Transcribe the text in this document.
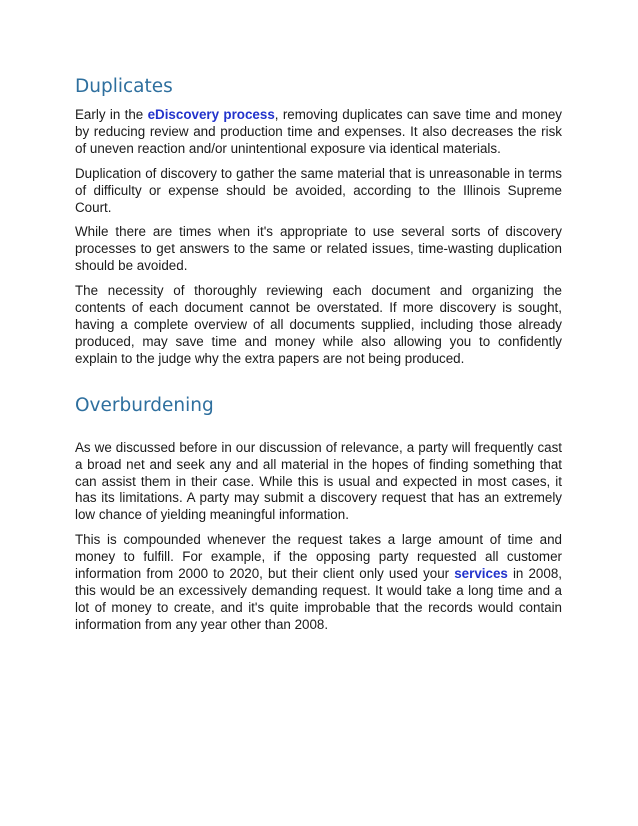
Duplicates

Early in the eDiscovery process, removing duplicates can save time and money by reducing review and production time and expenses. It also decreases the risk of uneven reaction and/or unintentional exposure via identical materials.

Duplication of discovery to gather the same material that is unreasonable in terms of difficulty or expense should be avoided, according to the Illinois Supreme Court.

While there are times when it's appropriate to use several sorts of discovery processes to get answers to the same or related issues, time-wasting duplication should be avoided.

The necessity of thoroughly reviewing each document and organizing the contents of each document cannot be overstated. If more discovery is sought, having a complete overview of all documents supplied, including those already produced, may save time and money while also allowing you to confidently explain to the judge why the extra papers are not being produced.

Overburdening

As we discussed before in our discussion of relevance, a party will frequently cast a broad net and seek any and all material in the hopes of finding something that can assist them in their case. While this is usual and expected in most cases, it has its limitations. A party may submit a discovery request that has an extremely low chance of yielding meaningful information.

This is compounded whenever the request takes a large amount of time and money to fulfill. For example, if the opposing party requested all customer information from 2000 to 2020, but their client only used your services in 2008, this would be an excessively demanding request. It would take a long time and a lot of money to create, and it's quite improbable that the records would contain information from any year other than 2008.
